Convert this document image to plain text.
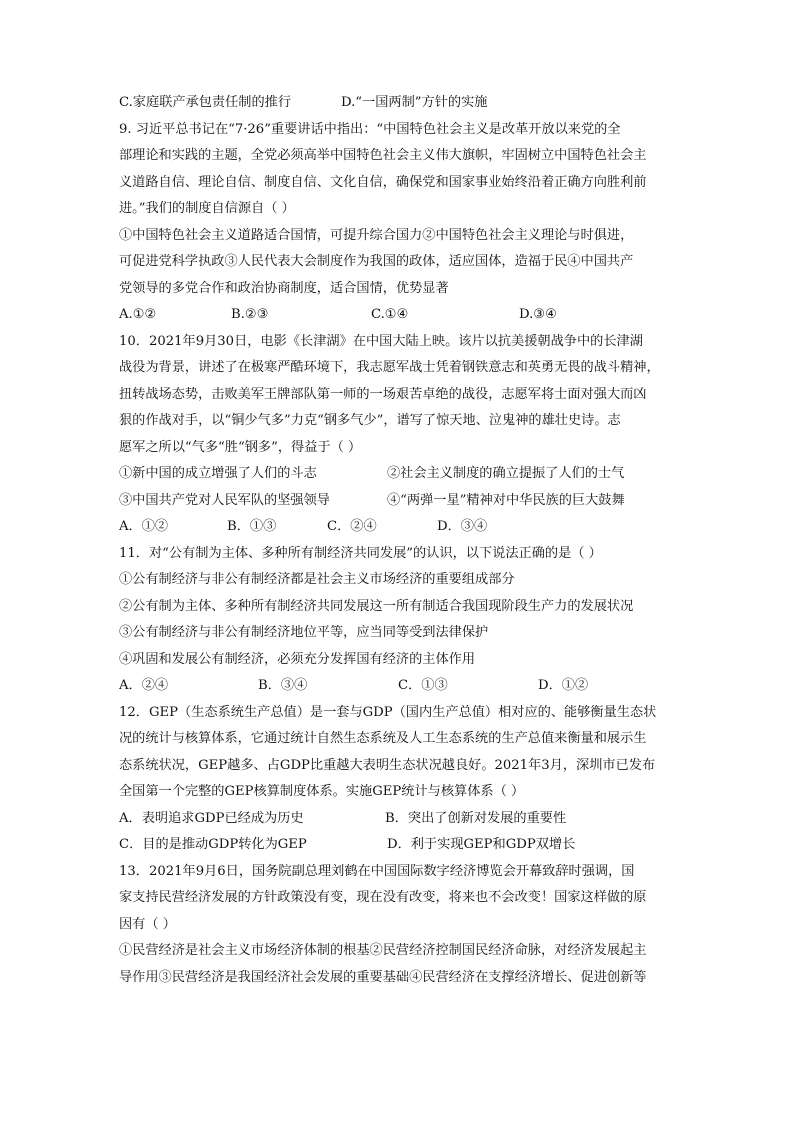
C.家庭联产承包责任制的推行	D.“一国两制”方针的实施
9. 习近平总书记在“7·26”重要讲话中指出：“中国特色社会主义是改革开放以来党的全
部理论和实践的主题，全党必须高举中国特色社会主义伟大旗帜，牢固树立中国特色社会主
义道路自信、理论自信、制度自信、文化自信，确保党和国家事业始终沿着正确方向胜利前
进。”我们的制度自信源自（ ）
①中国特色社会主义道路适合国情，可提升综合国力②中国特色社会主义理论与时俱进，
可促进党科学执政③人民代表大会制度作为我国的政体，适应国体，造福于民④中国共产
党领导的多党合作和政治协商制度，适合国情，优势显著
A.①②	B.②③	C.①④	D.③④
10．2021年9月30日，电影《长津湖》在中国大陆上映。该片以抗美援朝战争中的长津湖
战役为背景，讲述了在极寒严酷环境下，我志愿军战士凭着钢铁意志和英勇无畏的战斗精神，
扭转战场态势，击败美军王牌部队第一师的一场艰苦卓绝的战役，志愿军将士面对强大而凶
狠的作战对手，以“铜少气多”力克“钢多气少”，谱写了惊天地、泣鬼神的雄壮史诗。志
愿军之所以“气多“胜“钢多”，得益于（ ）
①新中国的成立增强了人们的斗志	②社会主义制度的确立提振了人们的士气
③中国共产党对人民军队的坚强领导	④“两弹一星”精神对中华民族的巨大鼓舞
A．①②	B．①③	C．②④	D．③④
11．对“公有制为主体、多种所有制经济共同发展”的认识，以下说法正确的是（ ）
①公有制经济与非公有制经济都是社会主义市场经济的重要组成部分
②公有制为主体、多种所有制经济共同发展这一所有制适合我国现阶段生产力的发展状况
③公有制经济与非公有制经济地位平等，应当同等受到法律保护
④巩固和发展公有制经济，必须充分发挥国有经济的主体作用
A．②④	B．③④	C．①③	D．①②
12．GEP（生态系统生产总值）是一套与GDP（国内生产总值）相对应的、能够衡量生态状
况的统计与核算体系，它通过统计自然生态系统及人工生态系统的生产总值来衡量和展示生
态系统状况，GEP越多、占GDP比重越大表明生态状况越良好。2021年3月，深圳市已发布
全国第一个完整的GEP核算制度体系。实施GEP统计与核算体系（ ）
A．表明追求GDP已经成为历史	B．突出了创新对发展的重要性
C．目的是推动GDP转化为GEP	D．利于实现GEP和GDP双增长
13．2021年9月6日，国务院副总理刘鹤在中国国际数字经济博览会开幕致辞时强调，国
家支持民营经济发展的方针政策没有变，现在没有改变，将来也不会改变！国家这样做的原
因有（ ）
①民营经济是社会主义市场经济体制的根基②民营经济控制国民经济命脉，对经济发展起主
导作用③民营经济是我国经济社会发展的重要基础④民营经济在支撑经济增长、促进创新等
